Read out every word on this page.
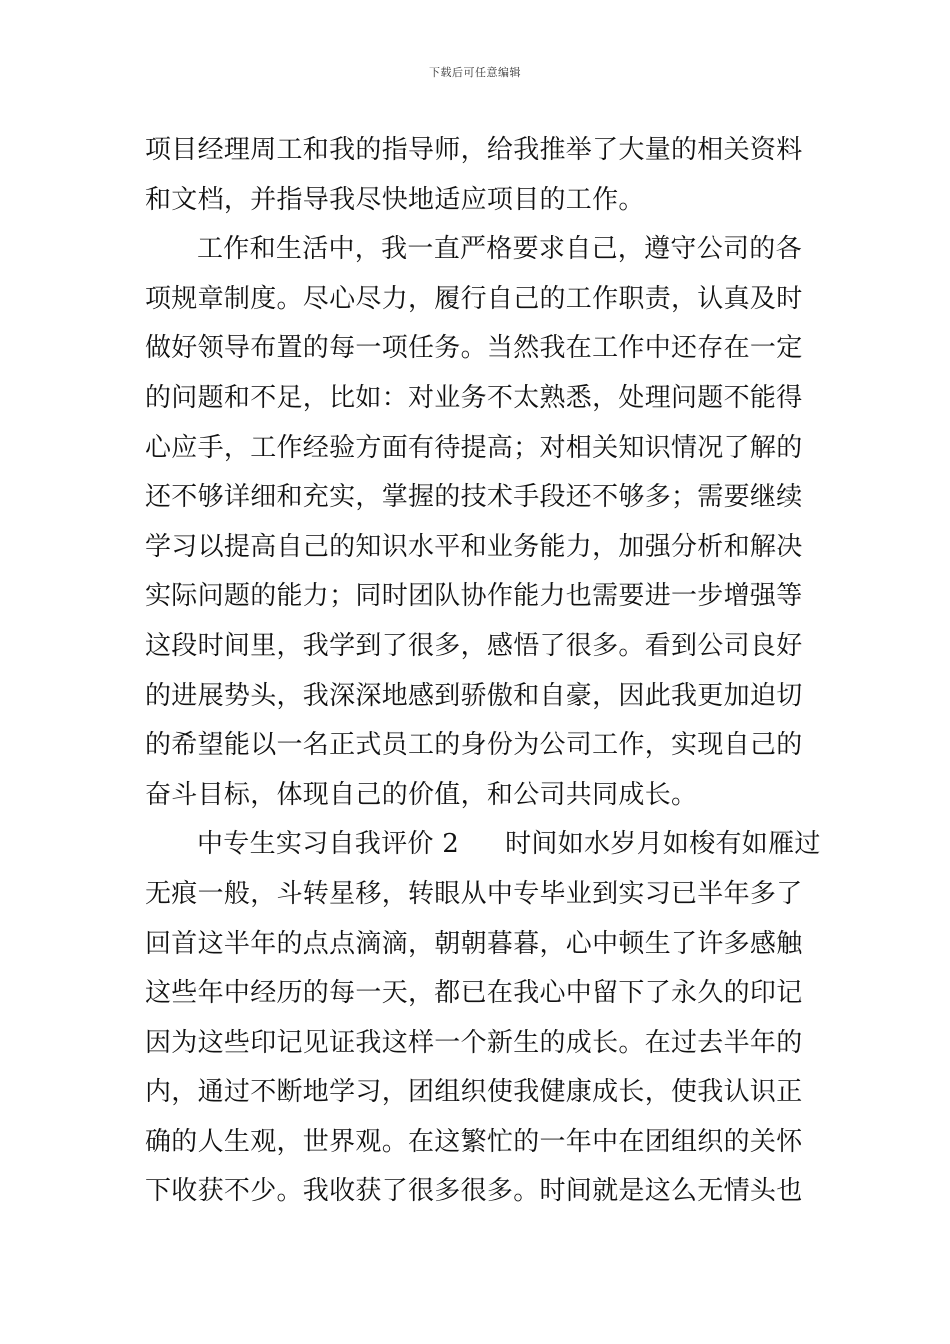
下载后可任意编辑
项目经理周工和我的指导师，给我推举了大量的相关资料
和文档，并指导我尽快地适应项目的工作。
工作和生活中，我一直严格要求自己，遵守公司的各
项规章制度。尽心尽力，履行自己的工作职责，认真及时
做好领导布置的每一项任务。当然我在工作中还存在一定
的问题和不足，比如：对业务不太熟悉，处理问题不能得
心应手，工作经验方面有待提高；对相关知识情况了解的
还不够详细和充实，掌握的技术手段还不够多；需要继续
学习以提高自己的知识水平和业务能力，加强分析和解决
实际问题的能力；同时团队协作能力也需要进一步增强等
这段时间里，我学到了很多，感悟了很多。看到公司良好
的进展势头，我深深地感到骄傲和自豪，因此我更加迫切
的希望能以一名正式员工的身份为公司工作，实现自己的
奋斗目标，体现自己的价值，和公司共同成长。
中专生实习自我评价 2 时间如水岁月如梭有如雁过
无痕一般，斗转星移，转眼从中专毕业到实习已半年多了
回首这半年的点点滴滴，朝朝暮暮，心中顿生了许多感触
这些年中经历的每一天，都已在我心中留下了永久的印记
因为这些印记见证我这样一个新生的成长。在过去半年的
内，通过不断地学习，团组织使我健康成长，使我认识正
确的人生观，世界观。在这繁忙的一年中在团组织的关怀
下收获不少。我收获了很多很多。时间就是这么无情头也
